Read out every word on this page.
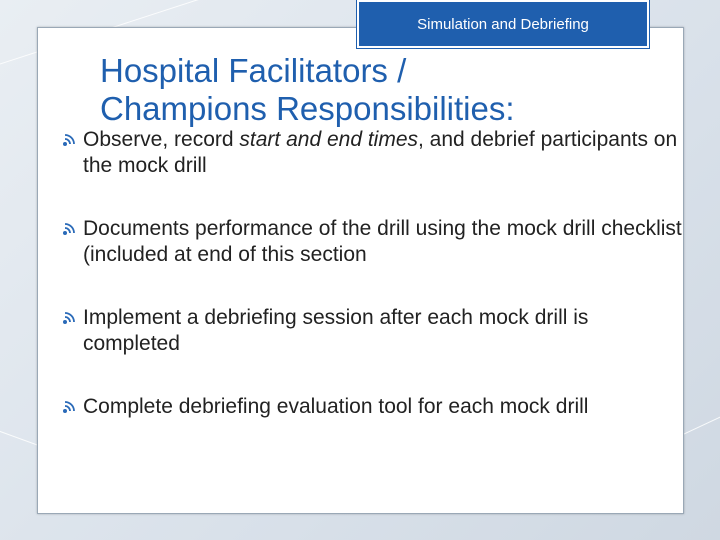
Simulation and Debriefing
Hospital Facilitators /
Champions Responsibilities:
Observe, record start and end times, and debrief participants on the mock drill
Documents performance of the drill using the mock drill checklist (included at end of this section
Implement a debriefing session after each mock drill is completed
Complete debriefing evaluation tool for each mock drill
